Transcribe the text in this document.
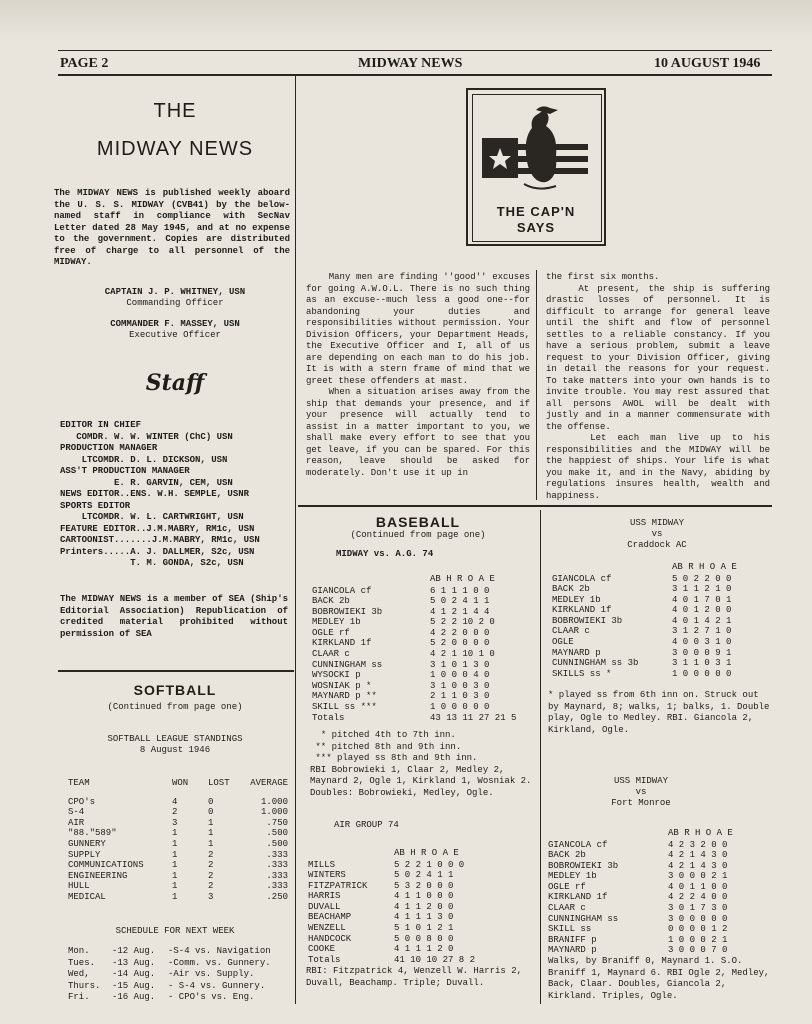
PAGE 2	MIDWAY NEWS	10 AUGUST 1946
THE
MIDWAY NEWS
The MIDWAY NEWS is published weekly aboard the U. S. S. MIDWAY (CVB41) by the below-named staff in compliance with SecNav Letter dated 28 May 1945, and at no expense to the government. Copies are distributed free of charge to all personnel of the MIDWAY.
CAPTAIN J. P. WHITNEY, USN
Commanding Officer
COMMANDER F. MASSEY, USN
Executive Officer
Staff
EDITOR IN CHIEF
COMDR. W. W. WINTER (ChC) USN
PRODUCTION MANAGER
LTCOMDR. D. L. DICKSON, USN
ASS'T PRODUCTION MANAGER
E. R. GARVIN, CEM, USN
NEWS EDITOR..ENS. W.H. SEMPLE, USNR
SPORTS EDITOR
LTCOMDR. W. L. CARTWRIGHT, USN
FEATURE EDITOR..J.M.MABRY, RM1c, USN
CARTOONIST.......J.M.MABRY, RM1c, USN
Printers.....A. J. DALLMER, S2c, USN
T. M. GONDA, S2c, USN
The MIDWAY NEWS is a member of SEA (Ship's Editorial Association) Republication of credited material prohibited without permission of SEA
SOFTBALL
(Continued from page one)
SOFTBALL LEAGUE STANDINGS
8 August 1946
TEAM	WON	LOST	AVERAGE

CPO's	4	0	1.000
S-4	2	0	1.000
AIR	3	1	.750
"88."589"	1	1	.500
GUNNERY	1	1	.500
SUPPLY	1	2	.333
COMMUNICATIONS	1	2	.333
ENGINEERING	1	2	.333
HULL	1	2	.333
MEDICAL	1	3	.250
SCHEDULE FOR NEXT WEEK
Mon.	-12 Aug.	-S-4 vs. Navigation
Tues.	-13 Aug.	-Comm. vs. Gunnery.
Wed,	-14 Aug.	-Air vs. Supply.
Thurs.	-15 Aug.	- S-4 vs. Gunnery.
Fri.	-16 Aug.	- CPO's vs. Eng.
THE CAP'N
SAYS
Many men are finding ''good'' excuses for going A.W.O.L. There is no such thing as an excuse--much less a good one--for abandoning your duties and responsibilities without permission. Your Division Officers, your Department Heads, the Executive Officer and I, all of us are depending on each man to do his job. It is with a stern frame of mind that we greet these offenders at mast.
When a situation arises away from the ship that demands your presence, and if your presence will actually tend to assist in a matter important to you, we shall make every effort to see that you get leave, if you can be spared. For this reason, leave should be asked for moderately. Don't use it up in
the first six months.
At present, the ship is suffering drastic losses of personnel. It is difficult to arrange for general leave until the shift and flow of personnel settles to a reliable constancy. If you have a serious problem, submit a leave request to your Division Officer, giving in detail the reasons for your request. To take matters into your own hands is to invite trouble. You may rest assured that all persons AWOL will be dealt with justly and in a manner commensurate with the offense.
Let each man live up to his responsibilities and the MIDWAY will be the happiest of ships. Your life is what you make it, and in the Navy, abiding by regulations insures health, wealth and happiness.
BASEBALL
(Continued from page one)
MIDWAY vs. A.G. 74
AB H R O A E
GIANCOLA cf	6 1 1 1 0 0
BACK 2b	5 0 2 4 1 1
BOBROWIEKI 3b	4 1 2 1 4 4
MEDLEY 1b	5 2 2 10 2 0
OGLE rf	4 2 2 0 0 0
KIRKLAND 1f	5 2 0 0 0 0
CLAAR c	4 2 1 10 1 0
CUNNINGHAM ss	3 1 0 1 3 0
WYSOCKI p	1 0 0 0 4 0
WOSNIAK p *	3 1 0 0 3 0
MAYNARD p **	2 1 1 0 3 0
SKILL ss ***	1 0 0 0 0 0
Totals	43 13 11 27 21 5
* pitched 4th to 7th inn.
** pitched 8th and 9th inn.
*** played ss 8th and 9th inn.
RBI Bobrowieki 1, Claar 2, Medley 2, Maynard 2, Ogle 1, Kirkland 1, Wosniak 2. Doubles: Bobrowieki, Medley, Ogle.
AIR GROUP 74
AB H R O A E
MILLS	5 2 2 1 0 0 0
WINTERS	5 0 2 4 1 1
FITZPATRICK	5 3 2 0 0 0
HARRIS	4 1 1 0 0 0
DUVALL	4 1 1 2 0 0
BEACHAMP	4 1 1 1 3 0
WENZELL	5 1 0 1 2 1
HANDCOCK	5 0 0 8 0 0
COOKE	4 1 1 1 2 0
Totals	41 10 10 27 8 2
RBI: Fitzpatrick 4, Wenzell W. Harris 2, Duvall, Beachamp. Triple; Duvall.
USS MIDWAY
vs
Craddock AC
AB R H O A E
GIANCOLA cf	5 0 2 2 0 0
BACK 2b	3 1 1 2 1 0
MEDLEY 1b	4 0 1 7 0 1
KIRKLAND 1f	4 0 1 2 0 0
BOBROWIEKI 3b	4 0 1 4 2 1
CLAAR c	3 1 2 7 1 0
OGLE	4 0 0 3 1 0
MAYNARD p	3 0 0 0 9 1
CUNNINGHAM ss 3b	3 1 1 0 3 1
SKILLS ss *	1 0 0 0 0 0
* played ss from 6th inn on. Struck out by Maynard, 8; walks, 1; balks, 1. Double play, Ogle to Medley. RBI. Giancola 2, Kirkland, Ogle.
USS MIDWAY
vs
Fort Monroe
AB R H O A E
GIANCOLA cf	4 2 3 2 0 0
BACK 2b	4 2 1 4 3 0
BOBROWIEKI 3b	4 2 1 4 3 0
MEDLEY 1b	3 0 0 0 2 1
OGLE rf	4 0 1 1 0 0
KIRKLAND 1f	4 2 2 4 0 0
CLAAR c	3 0 1 7 3 0
CUNNINGHAM ss	3 0 0 0 0 0
SKILL ss	0 0 0 0 1 2
BRANIFF p	1 0 0 0 2 1
MAYNARD p	3 0 0 0 7 0
Walks, by Braniff 0, Maynard 1. S.O. Braniff 1, Maynard 6. RBI Ogle 2, Medley, Back, Claar. Doubles, Giancola 2, Kirkland. Triples, Ogle.
